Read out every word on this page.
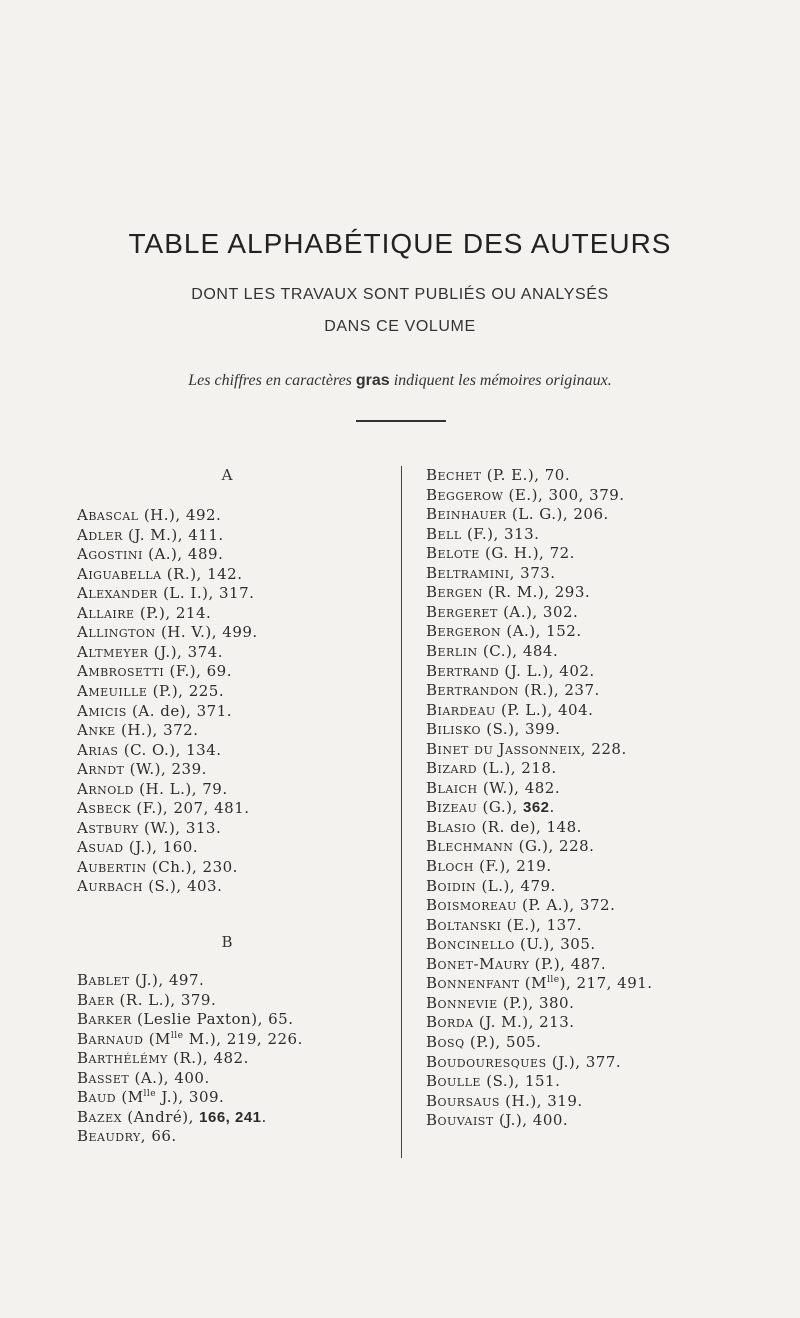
TABLE ALPHABÉTIQUE DES AUTEURS
DONT LES TRAVAUX SONT PUBLIÉS OU ANALYSÉS
DANS CE VOLUME
Les chiffres en caractères gras indiquent les mémoires originaux.
A
B
Abascal (H.), 492.
Adler (J. M.), 411.
Agostini (A.), 489.
Aiguabella (R.), 142.
Alexander (L. I.), 317.
Allaire (P.), 214.
Allington (H. V.), 499.
Altmeyer (J.), 374.
Ambrosetti (F.), 69.
Ameuille (P.), 225.
Amicis (A. de), 371.
Anke (H.), 372.
Arias (C. O.), 134.
Arndt (W.), 239.
Arnold (H. L.), 79.
Asbeck (F.), 207, 481.
Astbury (W.), 313.
Asuad (J.), 160.
Aubertin (Ch.), 230.
Aurbach (S.), 403.
Bablet (J.), 497.
Baer (R. L.), 379.
Barker (Leslie Paxton), 65.
Barnaud ($M^{lle}$ M.), 219, 226.
Barthélémy (R.), 482.
Basset (A.), 400.
Baud ($M^{lle}$ J.), 309.
Bazex (André), 166, 241.
Beaudry, 66.
Bechet (P. E.), 70.
Beggerow (E.), 300, 379.
Beinhauer (L. G.), 206.
Bell (F.), 313.
Belote (G. H.), 72.
Beltramini, 373.
Bergen (R. M.), 293.
Bergeret (A.), 302.
Bergeron (A.), 152.
Berlin (C.), 484.
Bertrand (J. L.), 402.
Bertrandon (R.), 237.
Biardeau (P. L.), 404.
Bilisko (S.), 399.
Binet du Jassonneix, 228.
Bizard (L.), 218.
Blaich (W.), 482.
Bizeau (G.), 362.
Blasio (R. de), 148.
Blechmann (G.), 228.
Bloch (F.), 219.
Boidin (L.), 479.
Boismoreau (P. A.), 372.
Boltanski (E.), 137.
Boncinello (U.), 305.
Bonet-Maury (P.), 487.
Bonnenfant $(M^{lle})$, 217, 491.
Bonnevie (P.), 380.
Borda (J. M.), 213.
Bosq (P.), 505.
Boudouresques (J.), 377.
Boulle (S.), 151.
Boursaus (H.), 319.
Bouvaist (J.), 400.
